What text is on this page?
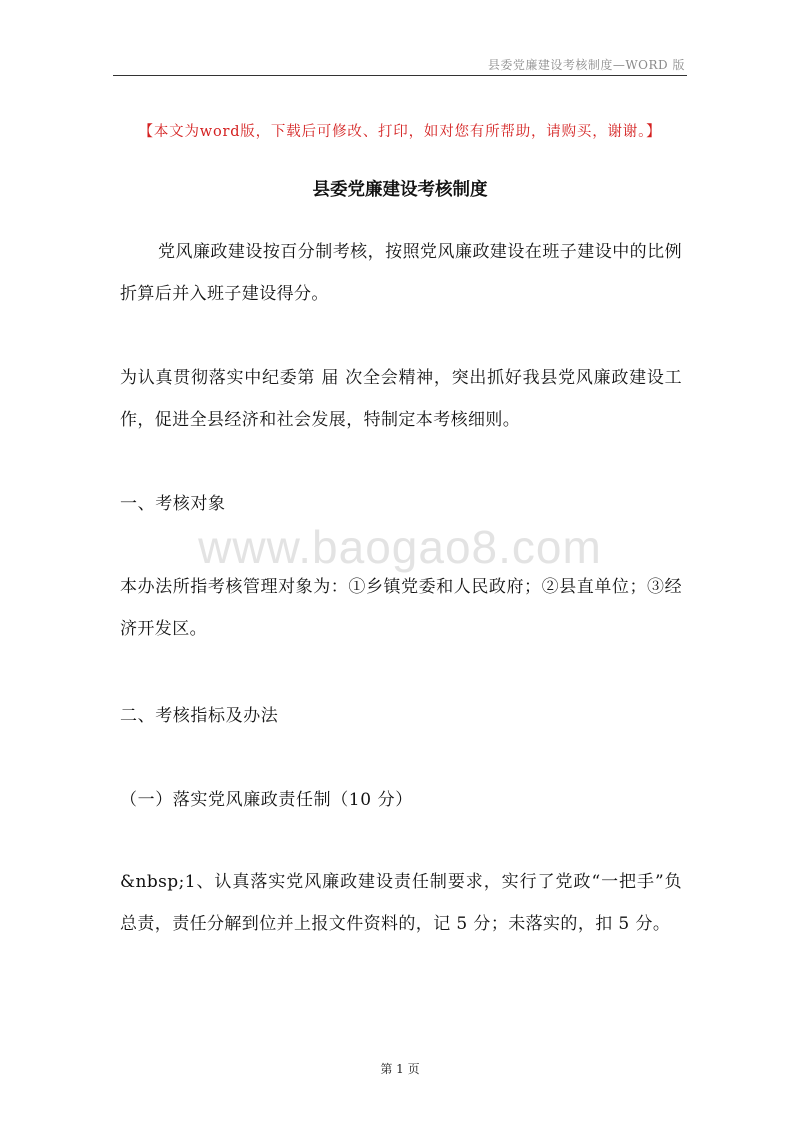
县委党廉建设考核制度—WORD 版
【本文为word版，下载后可修改、打印，如对您有所帮助，请购买，谢谢。】
县委党廉建设考核制度

党风廉政建设按百分制考核，按照党风廉政建设在班子建设中的比例折算后并入班子建设得分。

为认真贯彻落实中纪委第 届 次全会精神，突出抓好我县党风廉政建设工作，促进全县经济和社会发展，特制定本考核细则。

一、考核对象
www.baogao8.com

本办法所指考核管理对象为：①乡镇党委和人民政府；②县直单位；③经济开发区。

二、考核指标及办法
（一）落实党风廉政责任制（10 分）

&nbsp;1、认真落实党风廉政建设责任制要求，实行了党政“一把手”负总责，责任分解到位并上报文件资料的，记 5 分；未落实的，扣 5 分。

第 1 页
